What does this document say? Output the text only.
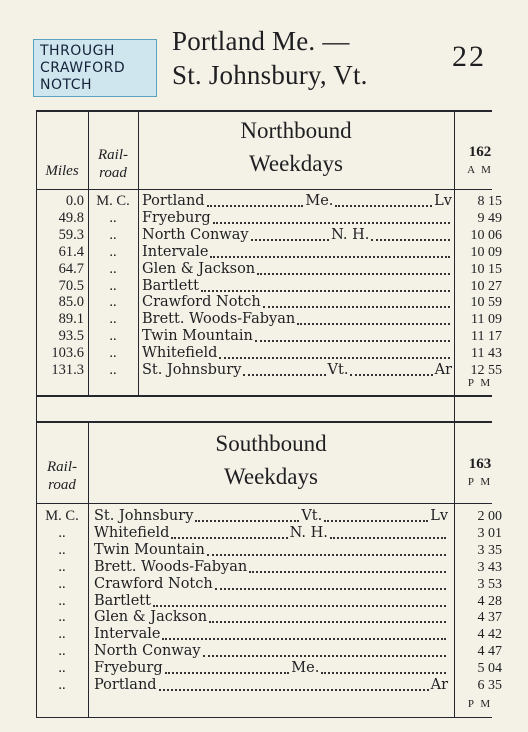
THROUGH
CRAWFORD
NOTCH
Portland Me. —
St. Johnsbury, Vt.
22
Northbound
Weekdays
Miles
Rail-
road
162
A M
0.0 M. C. Portland	Me.	Lv	8 15
49.8	..	Fryeburg	9 49
59.3	..	North Conway	N. H.	10 06
61.4	..	Intervale	10 09
64.7	..	Glen & Jackson	10 15
70.5	..	Bartlett	10 27
85.0	..	Crawford Notch	10 59
89.1	..	Brett. Woods-Fabyan	11 09
93.5	..	Twin Mountain	11 17
103.6	..	Whitefield	11 43
131.3	..	St. Johnsbury	Vt.	Ar	12 55
P M
Southbound
Weekdays
Rail-
road
163
P M
M. C.	St. Johnsbury	Vt.	Lv	2 00
..	Whitefield	N. H.	3 01
..	Twin Mountain	3 35
..	Brett. Woods-Fabyan	3 43
..	Crawford Notch	3 53
..	Bartlett	4 28
..	Glen & Jackson	4 37
..	Intervale	4 42
..	North Conway	4 47
..	Fryeburg	Me.	5 04
..	Portland	Ar	6 35
P M
